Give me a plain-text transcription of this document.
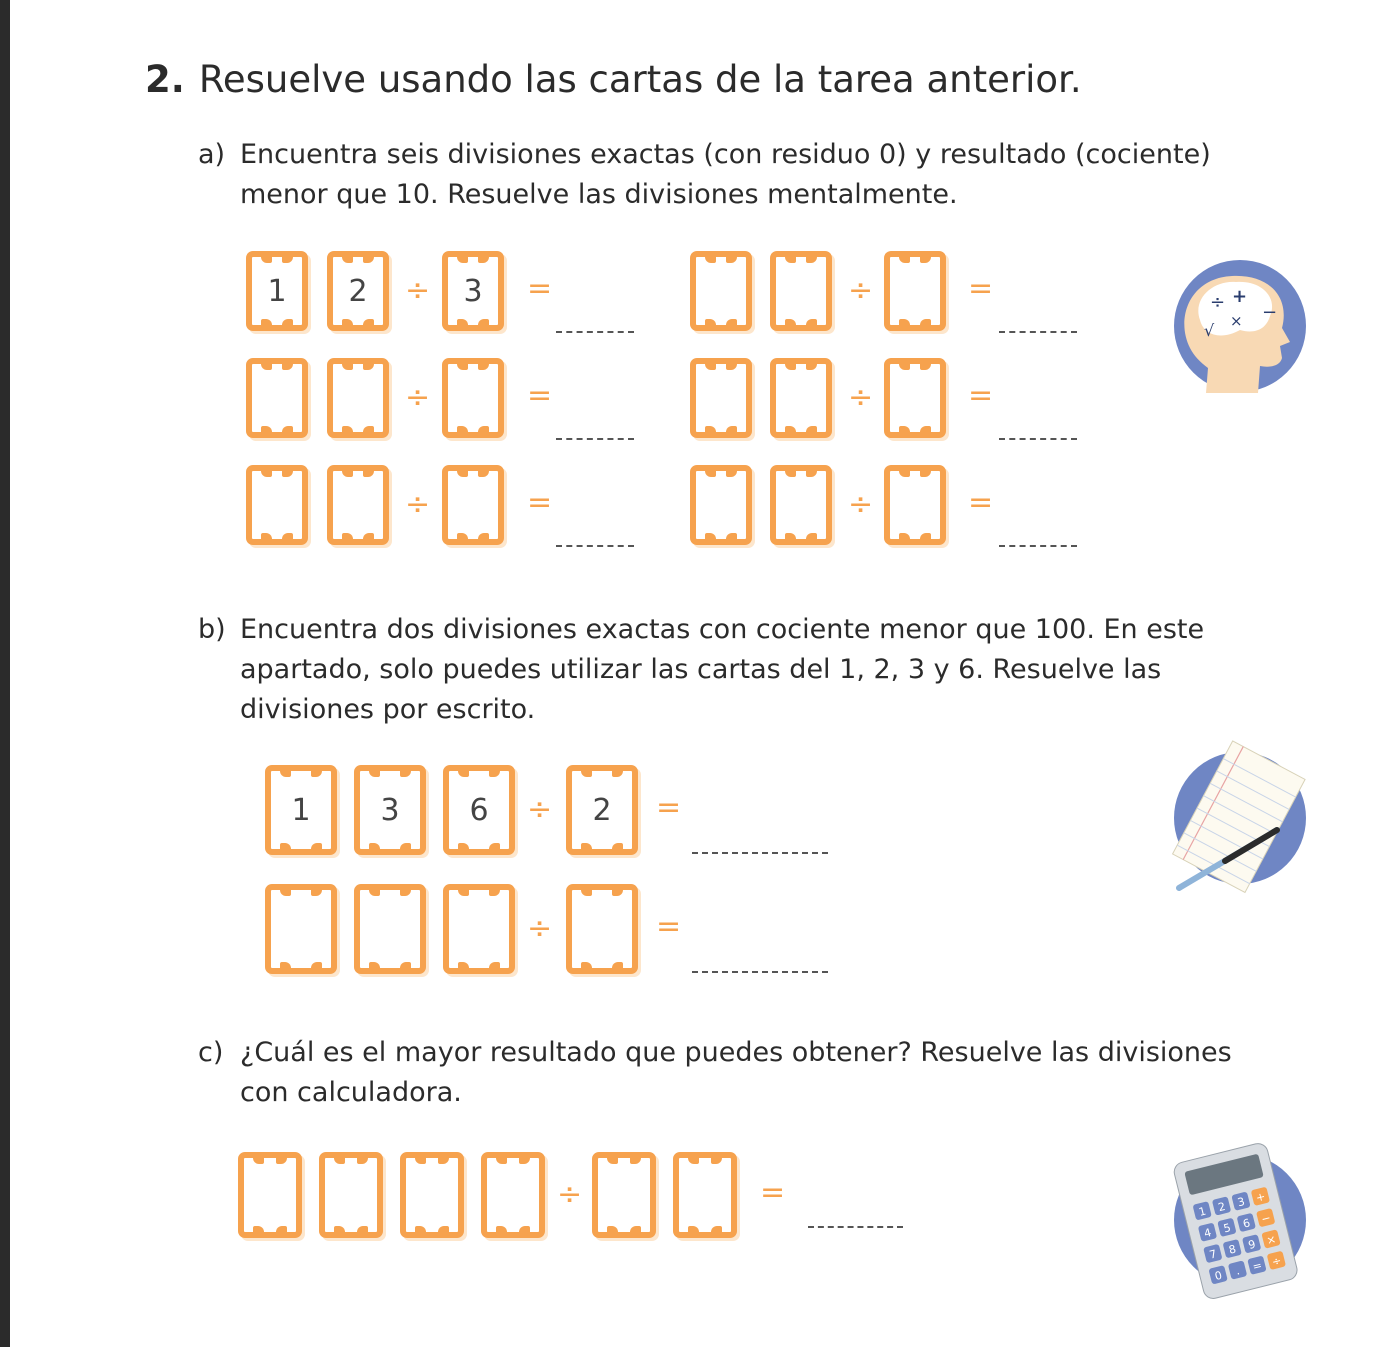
2. Resuelve usando las cartas de la tarea anterior.
a) Encuentra seis divisiones exactas (con residuo 0) y resultado (cociente)
menor que 10. Resuelve las divisiones mentalmente.
1 2	3
÷	=	÷	=
÷	=	÷	=
÷	=	÷	=
1 3 6 ÷ 2 =
÷	=
÷	=
b) Encuentra dos divisiones exactas con cociente menor que 100. En este
apartado, solo puedes utilizar las cartas del 1, 2, 3 y 6. Resuelve las
divisiones por escrito.
c) ¿Cuál es el mayor resultado que puedes obtener? Resuelve las divisiones
con calculadora.
÷ +
−
×
√
1 2 3 +
4 5 6 −
7 8 9 ×
0 . = ÷
